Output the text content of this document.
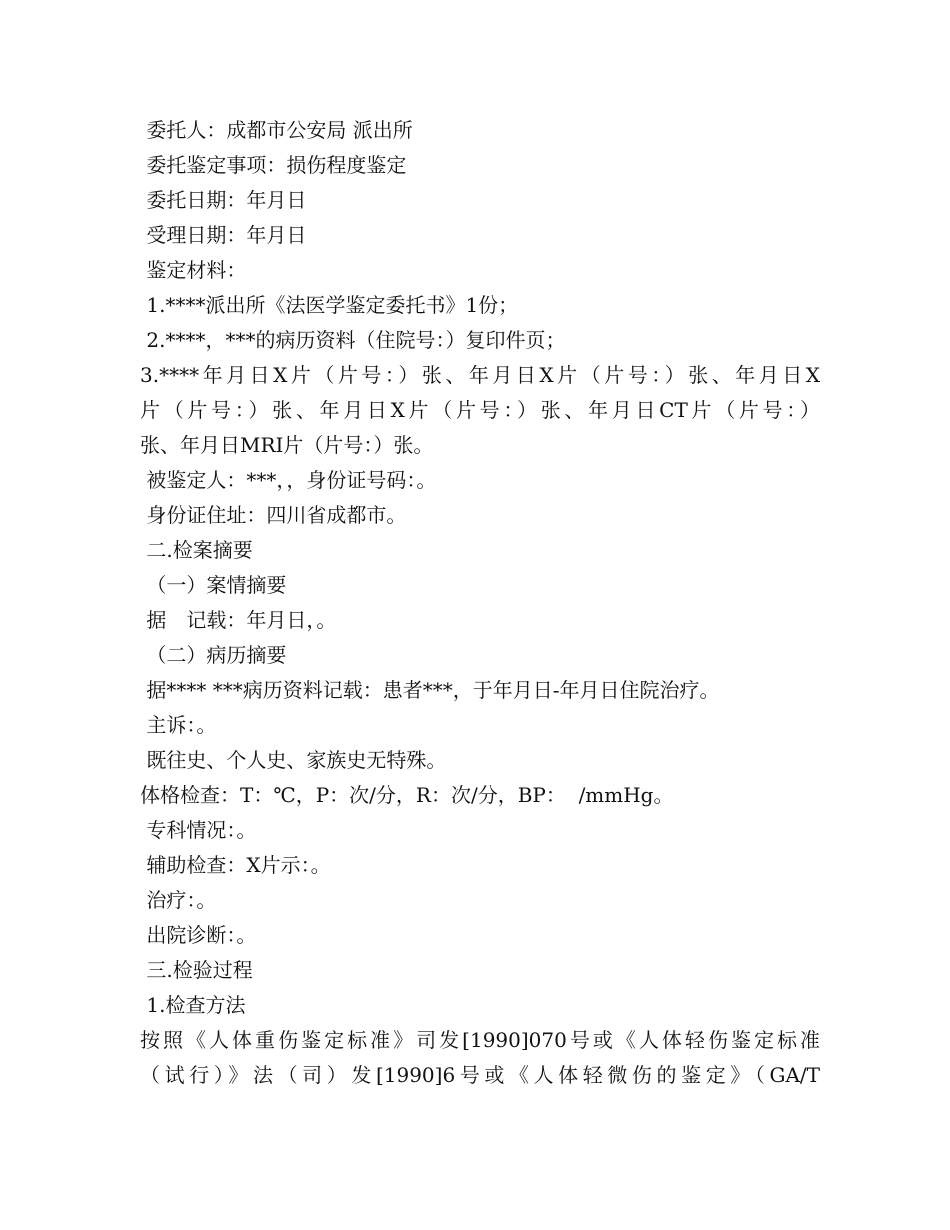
委托人：成都市公安局 派出所
委托鉴定事项：损伤程度鉴定
委托日期：年月日
受理日期：年月日
鉴定材料：
1.****派出所《法医学鉴定委托书》1份；
2.****，***的病历资料（住院号：）复印件页；
3.****年月日X片（片号：）张、年月日X片（片号：）张、年月日X
片（片号：）张、年月日X片（片号：）张、年月日CT片（片号：）
张、年月日MRI片（片号：）张。
被鉴定人：***，，身份证号码：。
身份证住址：四川省成都市。
二.检案摘要
（一）案情摘要
据　记载：年月日，。
（二）病历摘要
据**** ***病历资料记载：患者***，于年月日-年月日住院治疗。
主诉：。
既往史、个人史、家族史无特殊。
体格检查：T：℃，P：次/分，R：次/分，BP：  /mmHg。
专科情况：。
辅助检查：X片示：。
治疗：。
出院诊断：。
三.检验过程
1.检查方法
按照《人体重伤鉴定标准》司发[1990]070号或《人体轻伤鉴定标准
（试行）》法（司）发[1990]6号或《人体轻微伤的鉴定》（GA/T
